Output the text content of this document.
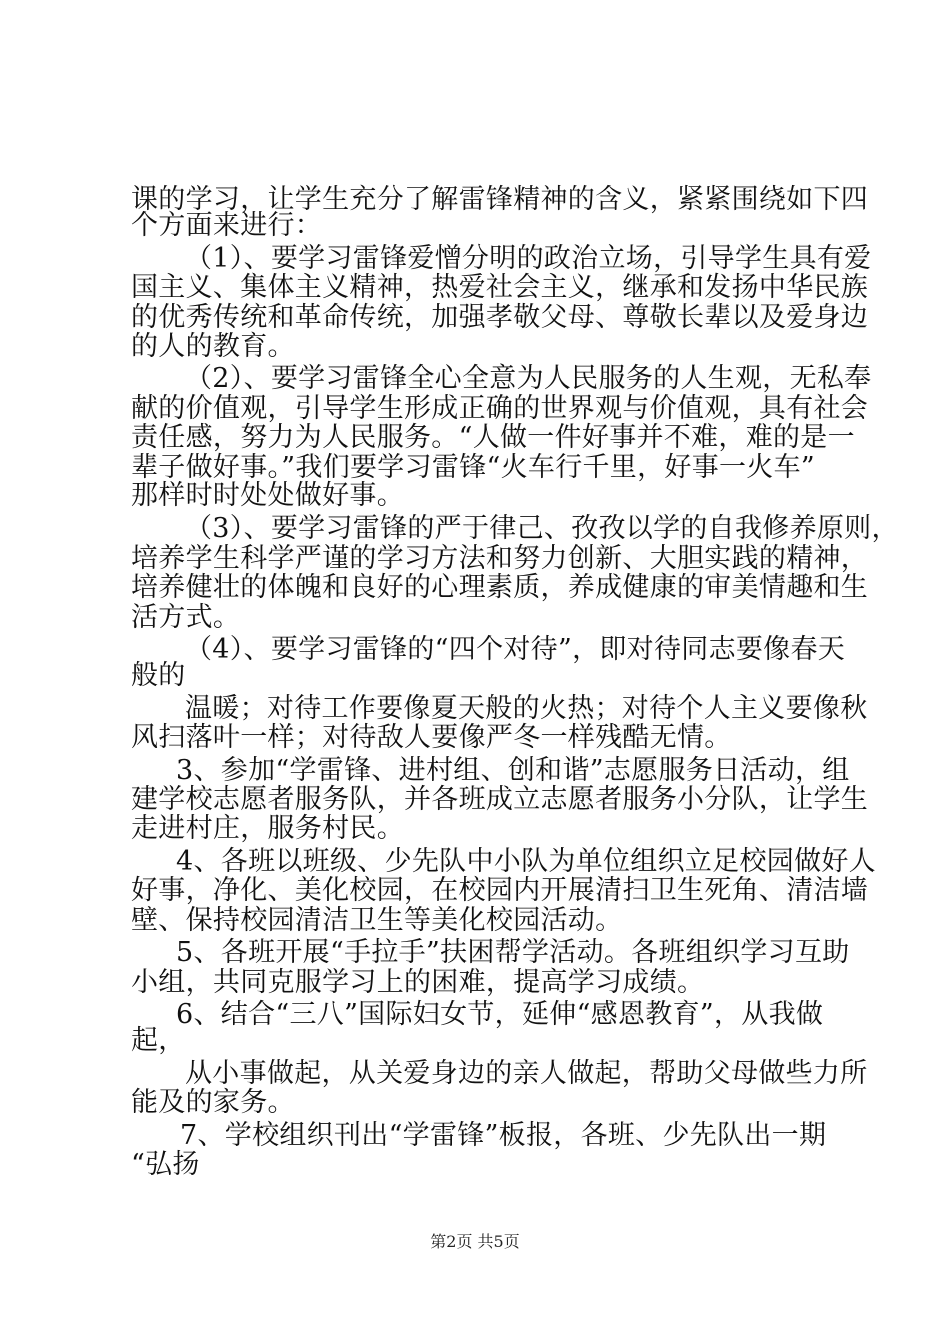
课的学习，让学生充分了解雷锋精神的含义，紧紧围绕如下四
个方面来进行：
（1）、要学习雷锋爱憎分明的政治立场，引导学生具有爱
国主义、集体主义精神，热爱社会主义，继承和发扬中华民族
的优秀传统和革命传统，加强孝敬父母、尊敬长辈以及爱身边
的人的教育。
（2）、要学习雷锋全心全意为人民服务的人生观，无私奉
献的价值观，引导学生形成正确的世界观与价值观，具有社会
责任感，努力为人民服务。“人做一件好事并不难，难的是一
辈子做好事。”我们要学习雷锋“火车行千里，好事一火车”
那样时时处处做好事。
（3）、要学习雷锋的严于律己、孜孜以学的自我修养原则，
培养学生科学严谨的学习方法和努力创新、大胆实践的精神，
培养健壮的体魄和良好的心理素质，养成健康的审美情趣和生
活方式。
（4）、要学习雷锋的“四个对待”，即对待同志要像春天
般的
温暖；对待工作要像夏天般的火热；对待个人主义要像秋
风扫落叶一样；对待敌人要像严冬一样残酷无情。
3、参加“学雷锋、进村组、创和谐”志愿服务日活动，组
建学校志愿者服务队，并各班成立志愿者服务小分队，让学生
走进村庄，服务村民。
4、各班以班级、少先队中小队为单位组织立足校园做好人
好事，净化、美化校园，在校园内开展清扫卫生死角、清洁墙
壁、保持校园清洁卫生等美化校园活动。
5、各班开展“手拉手”扶困帮学活动。各班组织学习互助
小组，共同克服学习上的困难，提高学习成绩。
6、结合“三八”国际妇女节，延伸“感恩教育”，从我做
起，
从小事做起，从关爱身边的亲人做起，帮助父母做些力所
能及的家务。
7、学校组织刊出“学雷锋”板报，各班、少先队出一期
“弘扬
第2页 共5页
